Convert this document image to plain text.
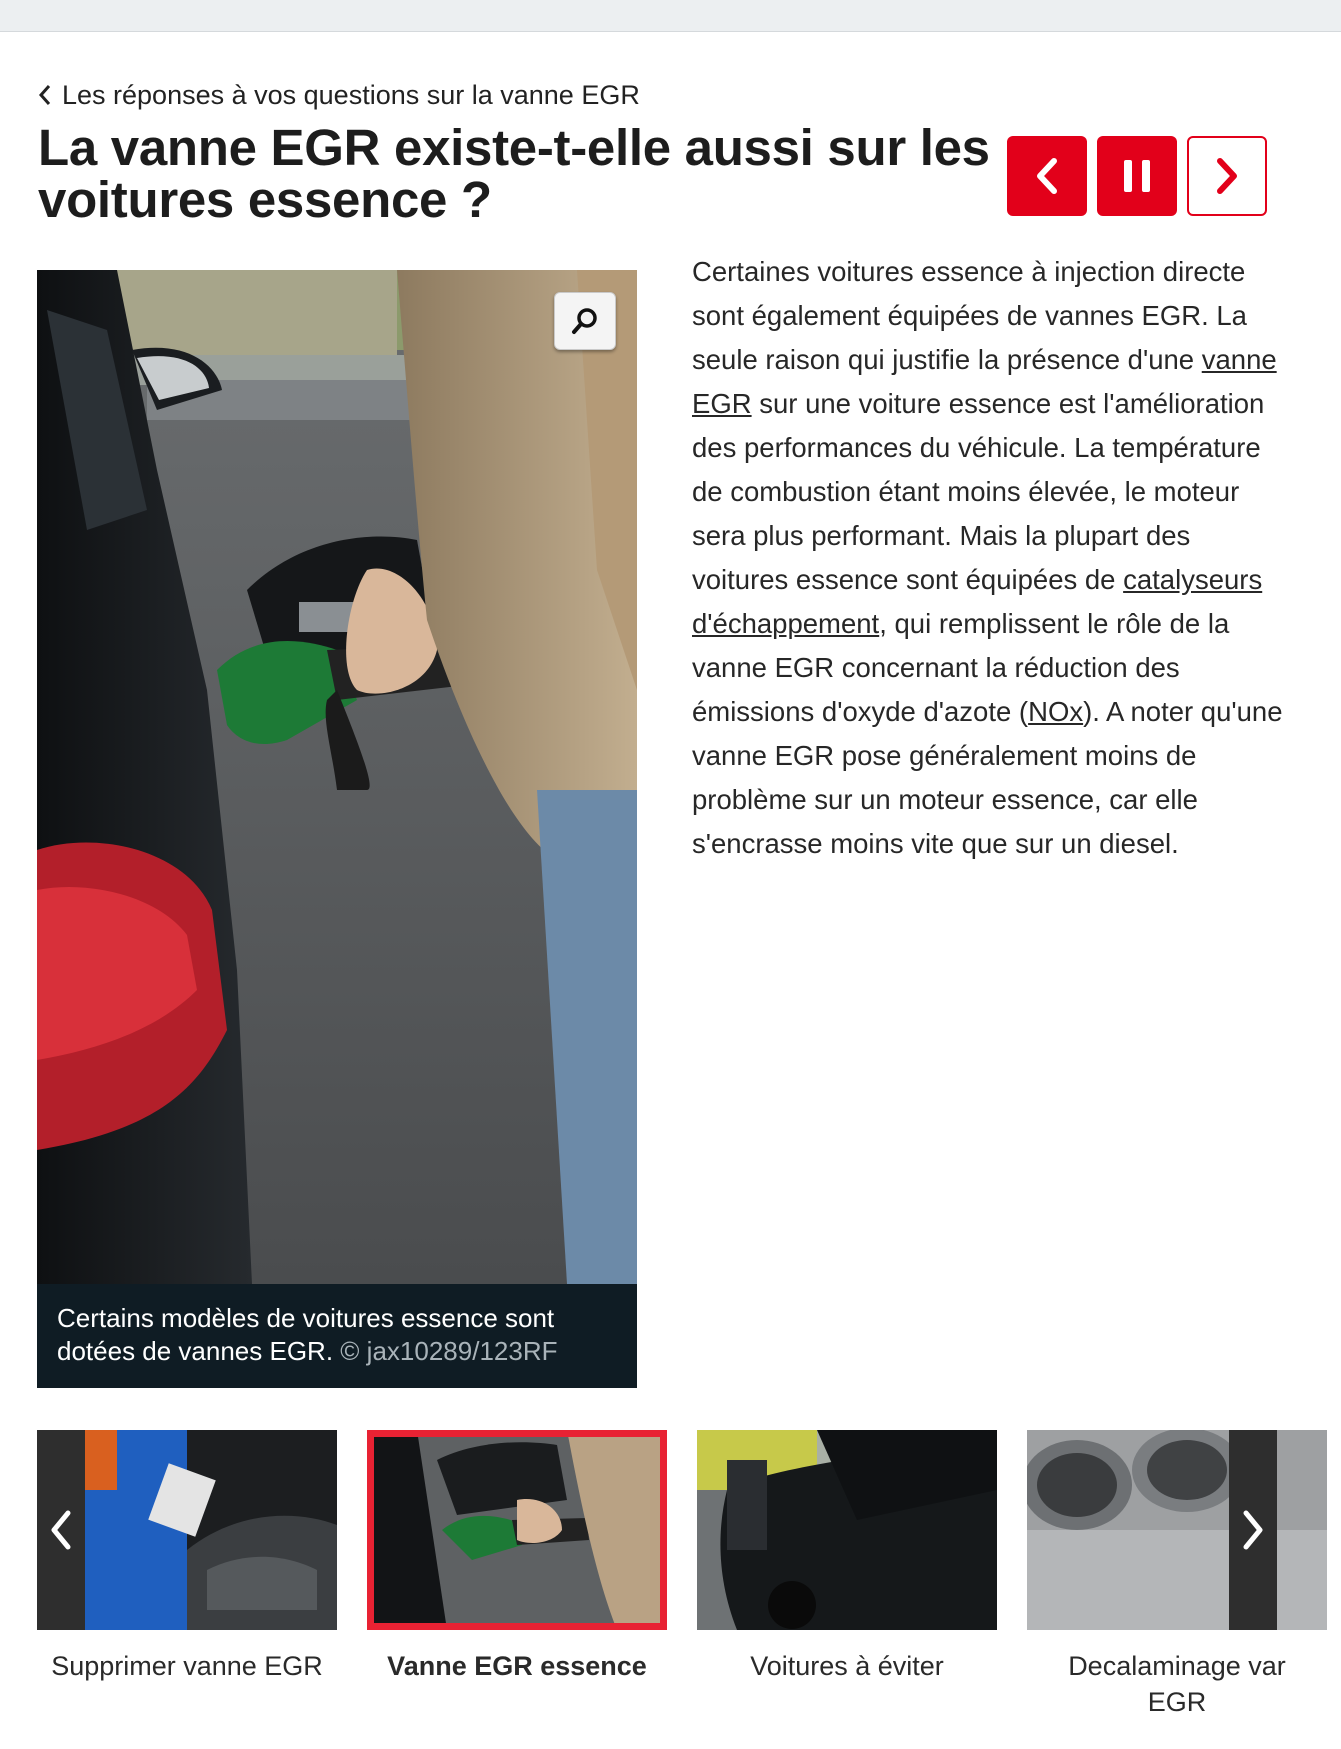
Les réponses à vos questions sur la vanne EGR
La vanne EGR existe-t-elle aussi sur les voitures essence ?
Certains modèles de voitures essence sont dotées de vannes EGR. © jax10289/123RF
Certaines voitures essence à injection directe sont également équipées de vannes EGR. La seule raison qui justifie la présence d'une vanne EGR sur une voiture essence est l'amélioration des performances du véhicule. La température de combustion étant moins élevée, le moteur sera plus performant. Mais la plupart des voitures essence sont équipées de catalyseurs d'échappement, qui remplissent le rôle de la vanne EGR concernant la réduction des émissions d'oxyde d'azote (NOx). A noter qu'une vanne EGR pose généralement moins de problème sur un moteur essence, car elle s'encrasse moins vite que sur un diesel.
Supprimer vanne EGR	Vanne EGR essence	Voitures à éviter	Decalaminage var EGR
